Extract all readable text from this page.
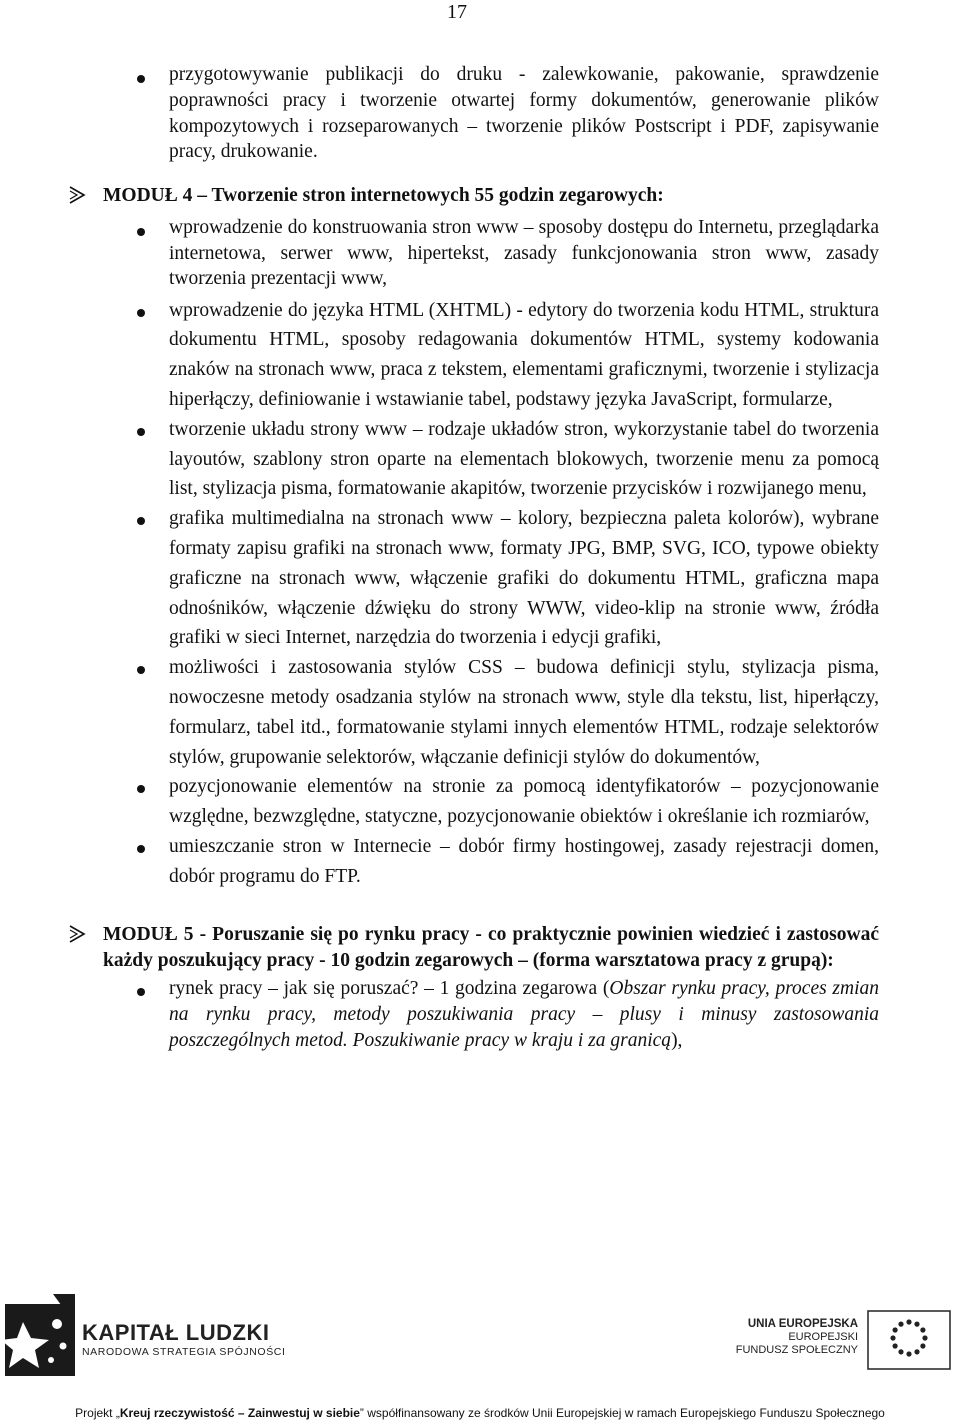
17
przygotowywanie publikacji do druku - zalewkowanie, pakowanie, sprawdzenie poprawności pracy i tworzenie otwartej formy dokumentów, generowanie plików kompozytowych i rozseparowanych – tworzenie plików Postscript i PDF, zapisywanie pracy, drukowanie.
MODUŁ 4 – Tworzenie stron internetowych 55 godzin zegarowych:
wprowadzenie do konstruowania stron www – sposoby dostępu do Internetu, przeglądarka internetowa, serwer www, hipertekst, zasady funkcjonowania stron www, zasady tworzenia prezentacji www,
wprowadzenie do języka HTML (XHTML) - edytory do tworzenia kodu HTML, struktura dokumentu HTML, sposoby redagowania dokumentów HTML, systemy kodowania znaków na stronach www, praca z tekstem, elementami graficznymi, tworzenie i stylizacja hiperłączy, definiowanie i wstawianie tabel, podstawy języka JavaScript, formularze,
tworzenie układu strony www – rodzaje układów stron, wykorzystanie tabel do tworzenia layoutów, szablony stron oparte na elementach blokowych, tworzenie menu za pomocą list, stylizacja pisma, formatowanie akapitów, tworzenie przycisków i rozwijanego menu,
grafika multimedialna na stronach www – kolory, bezpieczna paleta kolorów), wybrane formaty zapisu grafiki na stronach www, formaty JPG, BMP, SVG, ICO, typowe obiekty graficzne na stronach www, włączenie grafiki do dokumentu HTML, graficzna mapa odnośników, włączenie dźwięku do strony WWW, video-klip na stronie www, źródła grafiki w sieci Internet, narzędzia do tworzenia i edycji grafiki,
możliwości i zastosowania stylów CSS – budowa definicji stylu, stylizacja pisma, nowoczesne metody osadzania stylów na stronach www, style dla tekstu, list, hiperłączy, formularz, tabel itd., formatowanie stylami innych elementów HTML, rodzaje selektorów stylów, grupowanie selektorów, włączanie definicji stylów do dokumentów,
pozycjonowanie elementów na stronie za pomocą identyfikatorów – pozycjonowanie względne, bezwzględne, statyczne, pozycjonowanie obiektów i określanie ich rozmiarów,
umieszczanie stron w Internecie – dobór firmy hostingowej, zasady rejestracji domen, dobór programu do FTP.
MODUŁ 5 - Poruszanie się po rynku pracy - co praktycznie powinien wiedzieć i zastosować każdy poszukujący pracy - 10 godzin zegarowych – (forma warsztatowa pracy z grupą):
rynek pracy – jak się poruszać? – 1 godzina zegarowa (Obszar rynku pracy, proces zmian na rynku pracy, metody poszukiwania pracy – plusy i minusy zastosowania poszczególnych metod. Poszukiwanie pracy w kraju i za granicą),
KAPITAŁ LUDZKI
NARODOWA STRATEGIA SPÓJNOŚCI
UNIA EUROPEJSKA
EUROPEJSKI
FUNDUSZ SPOŁECZNY
Projekt „Kreuj rzeczywistość – Zainwestuj w siebie” współfinansowany ze środków Unii Europejskiej w ramach Europejskiego Funduszu Społecznego
